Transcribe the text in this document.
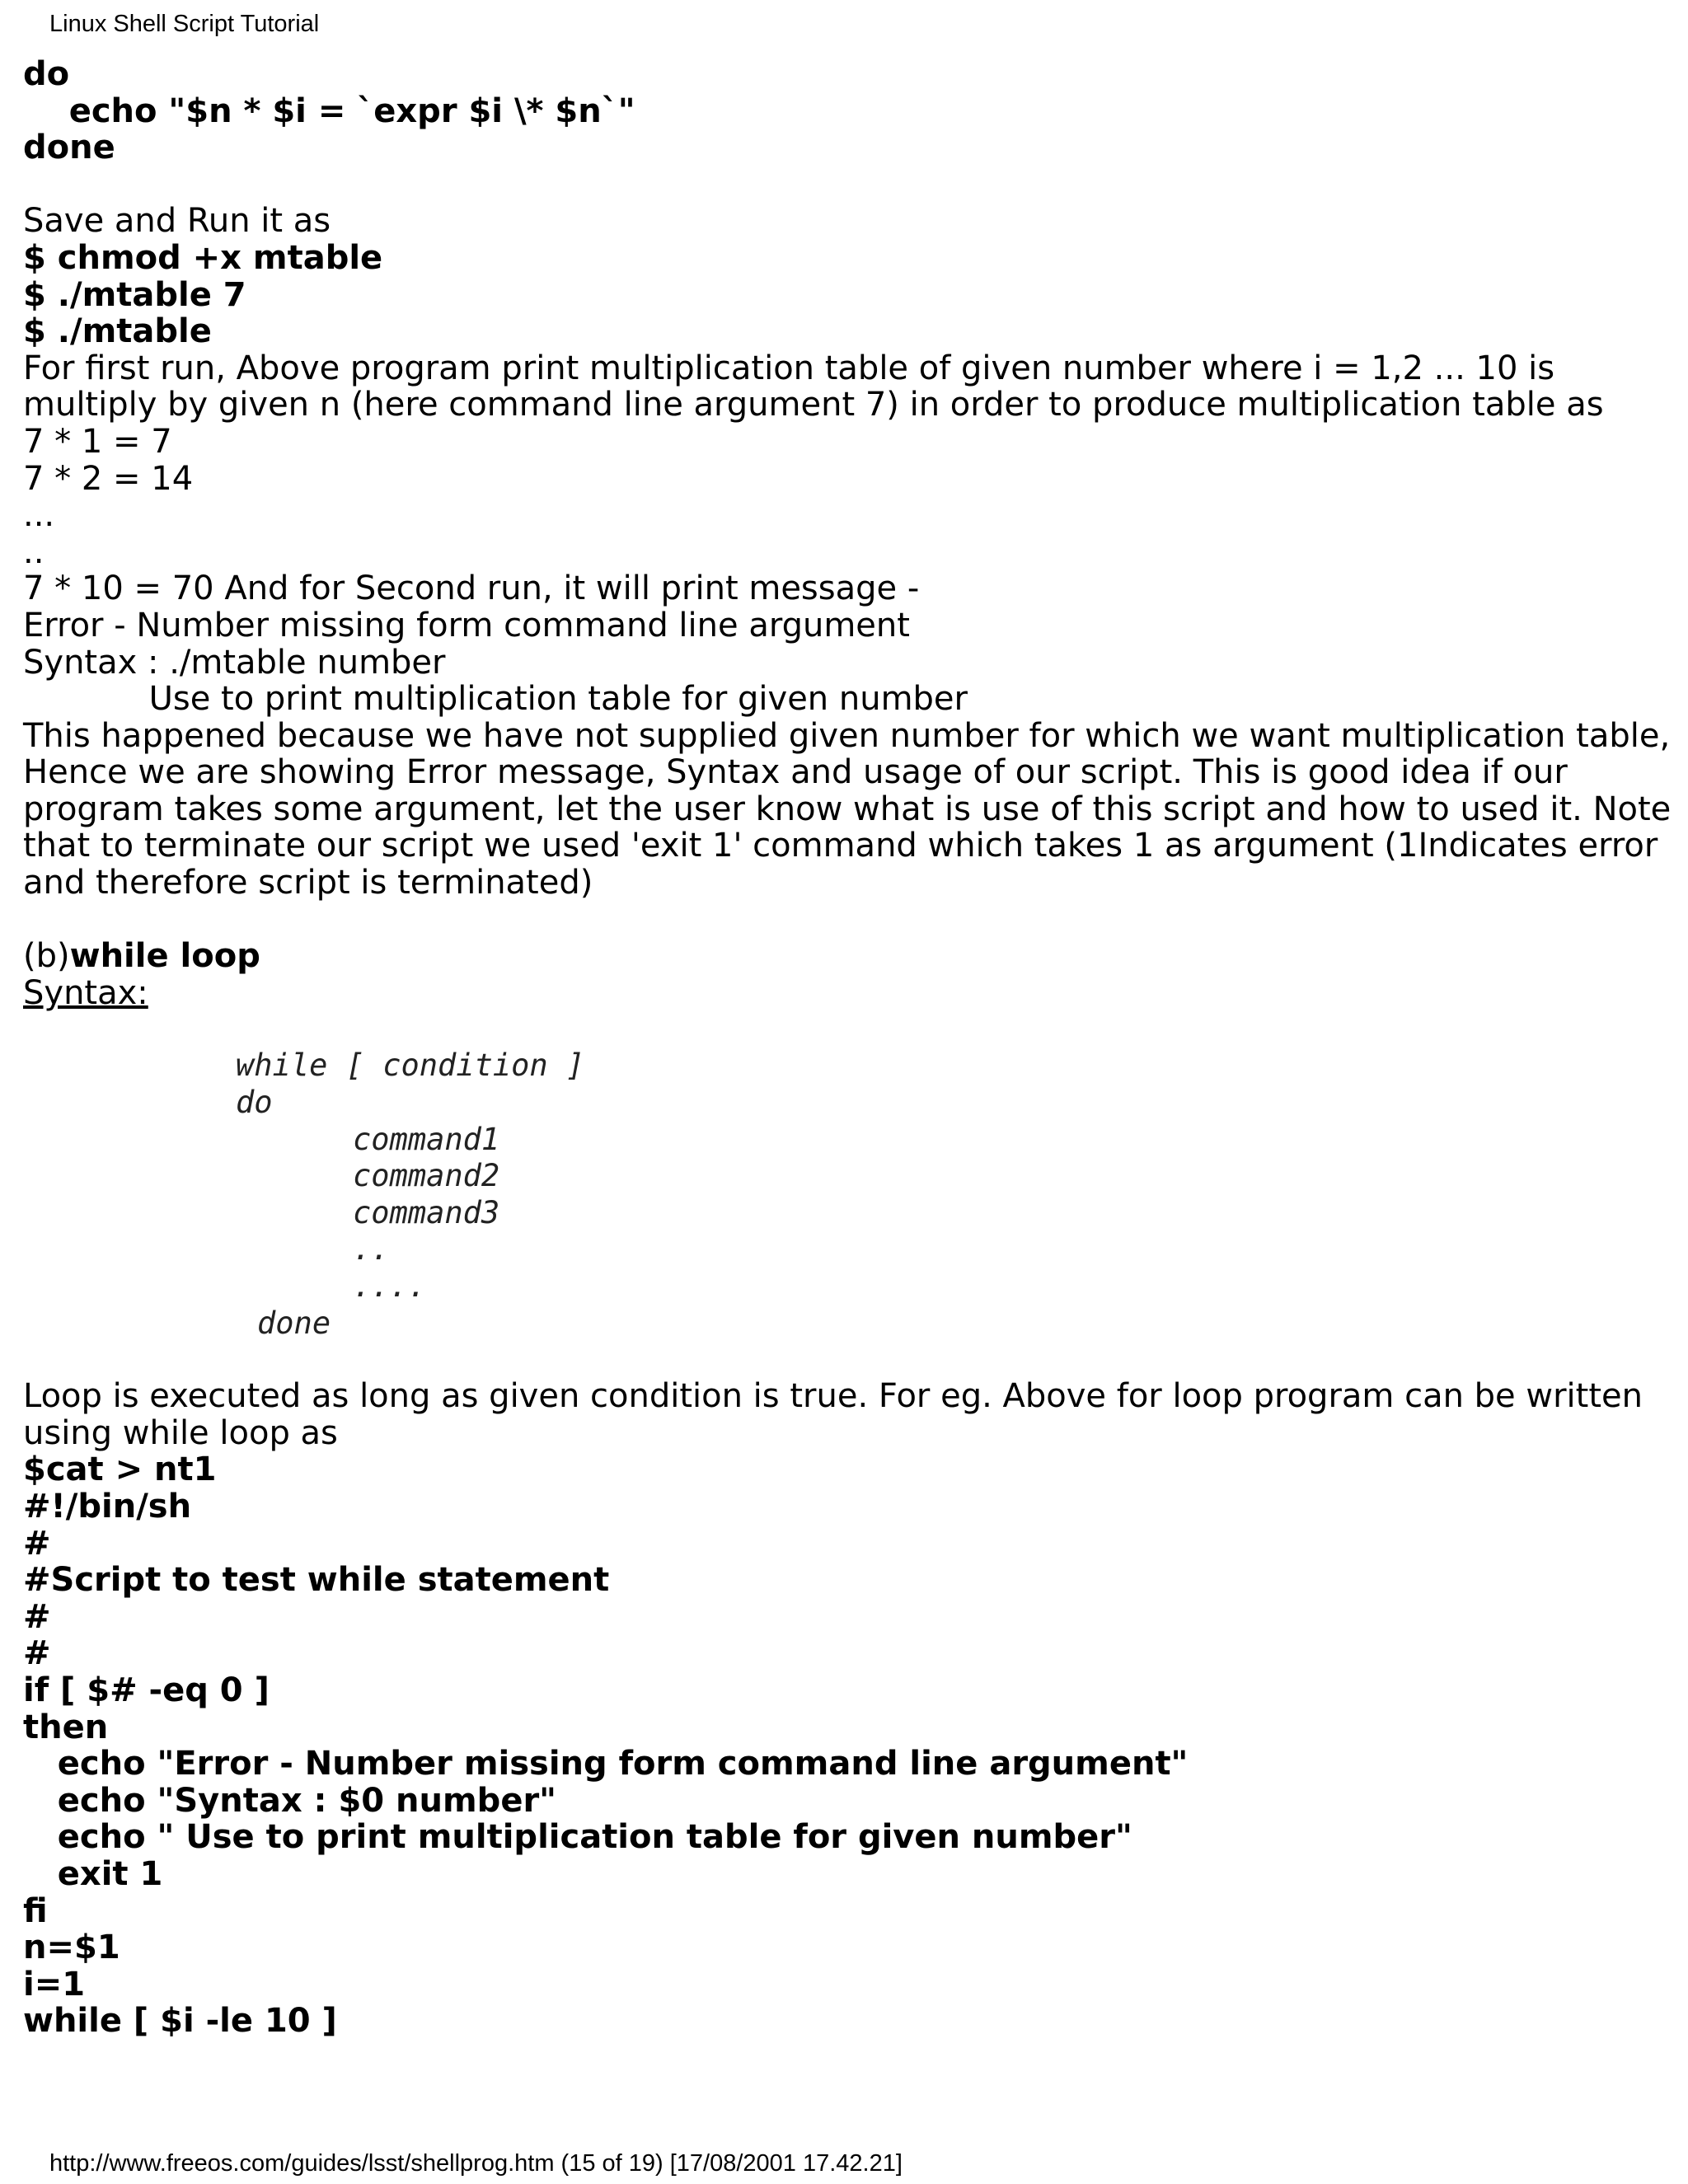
Linux Shell Script Tutorial

do

echo "$n * $i = `expr $i \* $n`"

done

Save and Run it as

$ chmod +x mtable

$ ./mtable 7

$ ./mtable

For first run, Above program print multiplication table of given number where i = 1,2 ... 10 is

multiply by given n (here command line argument 7) in order to produce multiplication table as

7 * 1 = 7

7 * 2 = 14

...

..

7 * 10 = 70 And for Second run, it will print message -

Error - Number missing form command line argument

Syntax : ./mtable number

Use to print multiplication table for given number

This happened because we have not supplied given number for which we want multiplication table,

Hence we are showing Error message, Syntax and usage of our script. This is good idea if our

program takes some argument, let the user know what is use of this script and how to used it. Note

that to terminate our script we used 'exit 1' command which takes 1 as argument (1Indicates error

and therefore script is terminated)

(b)while loop

Syntax:

while [ condition ]

do

command1

command2

command3

..

....

done

Loop is executed as long as given condition is true. For eg. Above for loop program can be written

using while loop as

$cat > nt1

#!/bin/sh

#

#Script to test while statement

#

#

if [ $# -eq 0 ]

then

echo "Error - Number missing form command line argument"

echo "Syntax : $0 number"

echo " Use to print multiplication table for given number"

exit 1

fi

n=$1

i=1

while [ $i -le 10 ]

http://www.freeos.com/guides/lsst/shellprog.htm (15 of 19) [17/08/2001 17.42.21]
